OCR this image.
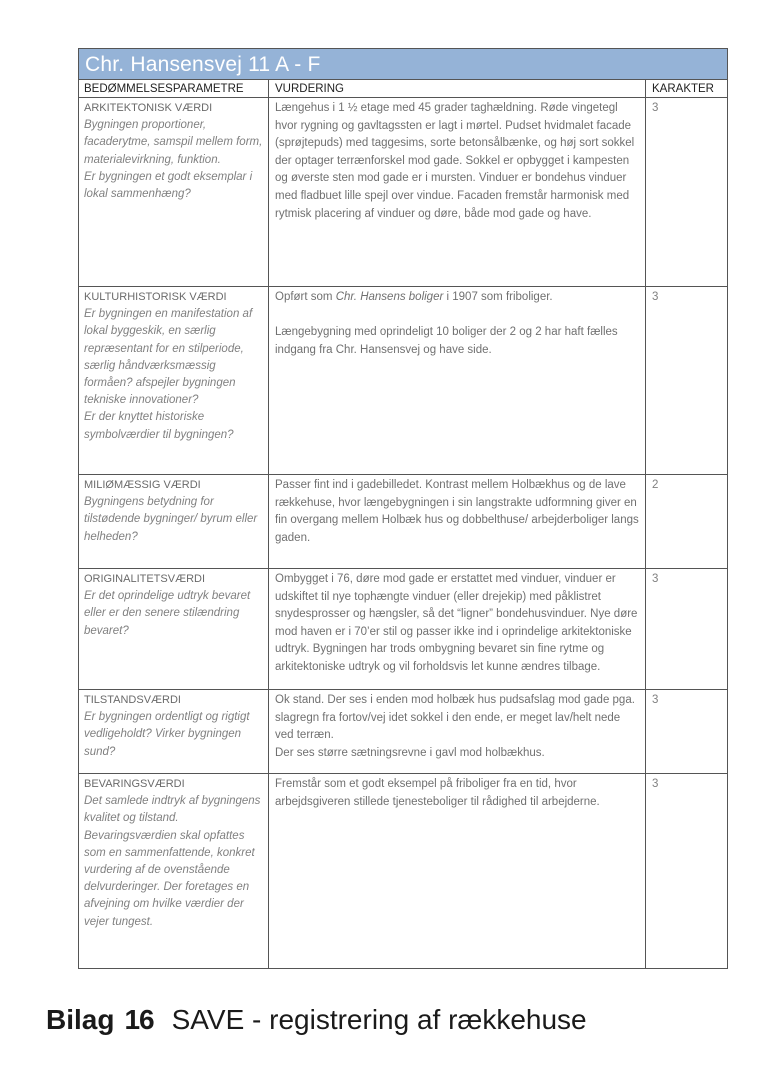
Chr. Hansensvej 11 A - F
BEDØMMELSESPARAMETRE	VURDERING	KARAKTER
ARKITEKTONISK VÆRDI
Bygningen proportioner, facaderytme, samspil mellem form, materialevirkning, funktion.
Er bygningen et godt eksemplar i lokal sammenhæng?

Længehus i 1 ½ etage med 45 grader taghældning. Røde vingetegl hvor rygning og gavltagssten er lagt i mørtel. Pudset hvidmalet facade (sprøjtepuds) med taggesims, sorte betonsålbænke, og høj sort sokkel der optager terrænforskel mod gade. Sokkel er opbygget i kampesten og øverste sten mod gade er i mursten. Vinduer er bondehus vinduer med fladbuet lille spejl over vindue. Facaden fremstår harmonisk med rytmisk placering af vinduer og døre, både mod gade og have.

3
KULTURHISTORISK VÆRDI
Er bygningen en manifestation af lokal byggeskik, en særlig repræsentant for en stilperiode, særlig håndværksmæssig formåen? afspejler bygningen tekniske innovationer?
Er der knyttet historiske symbolværdier til bygningen?

Opført som Chr. Hansens boliger i 1907 som friboliger.

Længebygning med oprindeligt 10 boliger der 2 og 2 har haft fælles indgang fra Chr. Hansensvej og have side.

3
MILIØMÆSSIG VÆRDI
Bygningens betydning for tilstødende bygninger/ byrum eller helheden?

Passer fint ind i gadebilledet. Kontrast mellem Holbækhus og de lave rækkehuse, hvor længebygningen i sin langstrakte udformning giver en fin overgang mellem Holbæk hus og dobbelthuse/ arbejderboliger langs gaden.

2
ORIGINALITETSVÆRDI
Er det oprindelige udtryk bevaret eller er den senere stilændring bevaret?

Ombygget i 76, døre mod gade er erstattet med vinduer, vinduer er udskiftet til nye tophængte vinduer (eller drejekip) med påklistret snydesprosser og hængsler, så det “ligner” bondehusvinduer. Nye døre mod haven er i 70’er stil og passer ikke ind i oprindelige arkitektoniske udtryk. Bygningen har trods ombygning bevaret sin fine rytme og arkitektoniske udtryk og vil forholdsvis let kunne ændres tilbage.

3
TILSTANDSVÆRDI
Er bygningen ordentligt og rigtigt vedligeholdt? Virker bygningen sund?

Ok stand. Der ses i enden mod holbæk hus pudsafslag mod gade pga. slagregn fra fortov/vej idet sokkel i den ende, er meget lav/helt nede ved terræn.

Der ses større sætningsrevne i gavl mod holbækhus.

3
BEVARINGSVÆRDI
Det samlede indtryk af bygningens kvalitet og tilstand. Bevaringsværdien skal opfattes som en sammenfattende, konkret vurdering af de ovenstående delvurderinger. Der foretages en afvejning om hvilke værdier der vejer tungest.

Fremstår som et godt eksempel på friboliger fra en tid, hvor arbejdsgiveren stillede tjenesteboliger til rådighed til arbejderne.

3
Bilag 16 SAVE - registrering af rækkehuse
